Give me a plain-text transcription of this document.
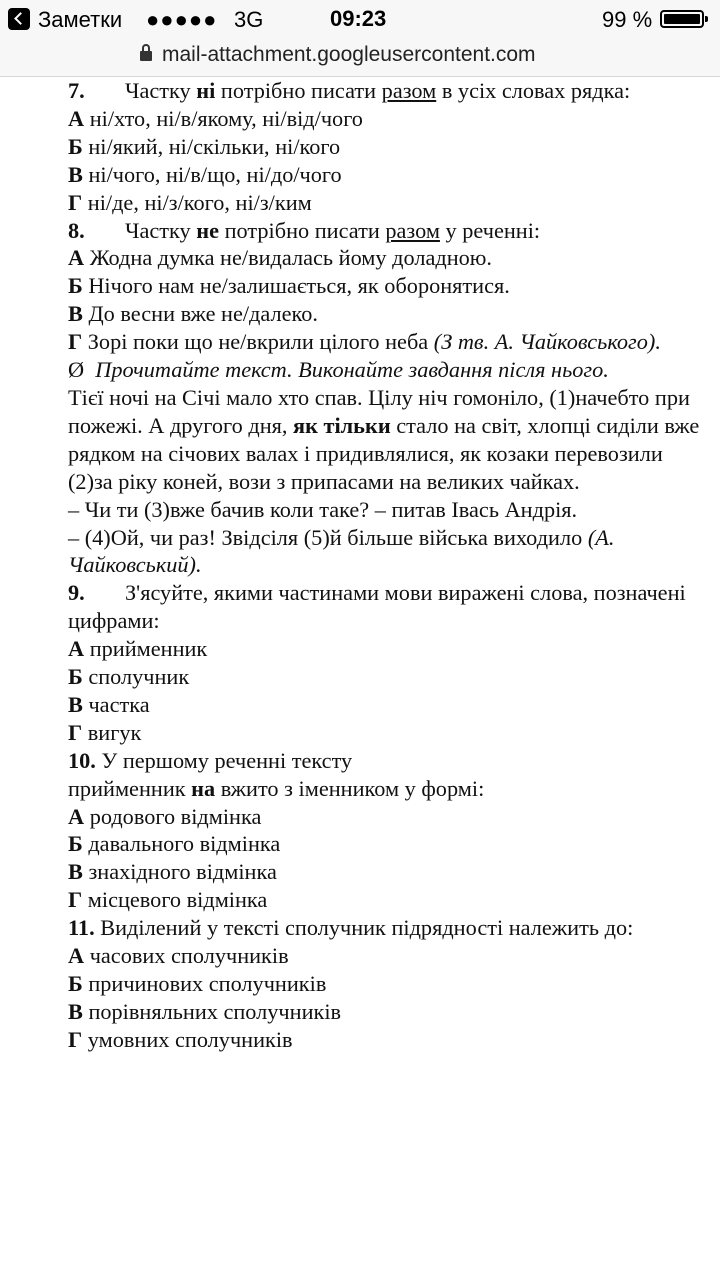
Заметки ●●●●● 3G	09:23	99 %
mail-attachment.googleusercontent.com

7. Частку ні потрібно писати разом в усіх словах рядка:

А ні/хто, ні/в/якому, ні/від/чого

Б ні/який, ні/скільки, ні/кого

В ні/чого, ні/в/що, ні/до/чого

Г ні/де, ні/з/кого, ні/з/ким

8. Частку не потрібно писати разом у реченні:

А Жодна думка не/видалась йому доладною.

Б Нічого нам не/залишається, як оборонятися.

В До весни вже не/далеко.

Г Зорі поки що не/вкрили цілого неба (З тв. А. Чайковського).

Ø Прочитайте текст. Виконайте завдання після нього.

Тієї ночі на Січі мало хто спав. Цілу ніч гомоніло, (1)начебто при пожежі. А другого дня, як тільки стало на світ, хлопці сиділи вже рядком на січових валах і придивлялися, як козаки перевозили (2)за ріку коней, вози з припасами на великих чайках.

– Чи ти (3)вже бачив коли таке? – питав Івась Андрія.

– (4)Ой, чи раз! Звідсіля (5)й більше війська виходило (А. Чайковський).

9. З'ясуйте, якими частинами мови виражені слова, позначені цифрами:

А прийменник

Б сполучник

В частка

Г вигук

10. У першому реченні тексту

прийменник на вжито з іменником у формі:

А родового відмінка

Б давального відмінка

В знахідного відмінка

Г місцевого відмінка

11. Виділений у тексті сполучник підрядності належить до:

А часових сполучників

Б причинових сполучників

В порівняльних сполучників

Г умовних сполучників
